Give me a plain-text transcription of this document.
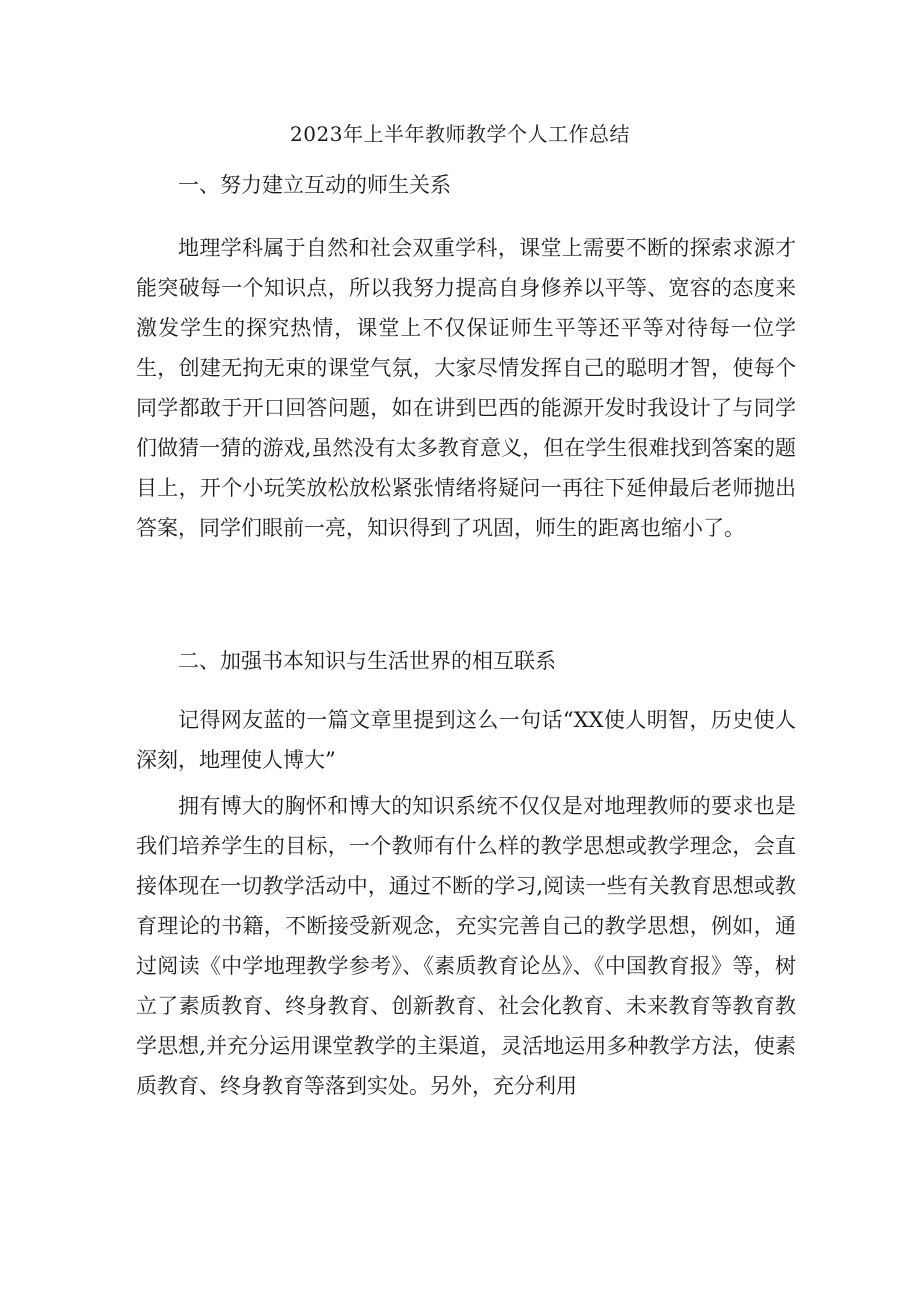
2023年上半年教师教学个人工作总结

一、努力建立互动的师生关系

地理学科属于自然和社会双重学科，课堂上需要不断的探索求源才能突破每一个知识点，所以我努力提高自身修养以平等、宽容的态度来激发学生的探究热情，课堂上不仅保证师生平等还平等对待每一位学生，创建无拘无束的课堂气氛，大家尽情发挥自己的聪明才智，使每个同学都敢于开口回答问题，如在讲到巴西的能源开发时我设计了与同学们做猜一猜的游戏,虽然没有太多教育意义，但在学生很难找到答案的题目上，开个小玩笑放松放松紧张情绪将疑问一再往下延伸最后老师抛出答案，同学们眼前一亮，知识得到了巩固，师生的距离也缩小了。

二、加强书本知识与生活世界的相互联系

记得网友蓝的一篇文章里提到这么一句话“XX使人明智，历史使人深刻，地理使人博大”

拥有博大的胸怀和博大的知识系统不仅仅是对地理教师的要求也是我们培养学生的目标，一个教师有什么样的教学思想或教学理念，会直接体现在一切教学活动中，通过不断的学习,阅读一些有关教育思想或教育理论的书籍，不断接受新观念，充实完善自己的教学思想，例如，通过阅读《中学地理教学参考》、《素质教育论丛》、《中国教育报》等，树立了素质教育、终身教育、创新教育、社会化教育、未来教育等教育教学思想,并充分运用课堂教学的主渠道，灵活地运用多种教学方法，使素质教育、终身教育等落到实处。另外，充分利用
